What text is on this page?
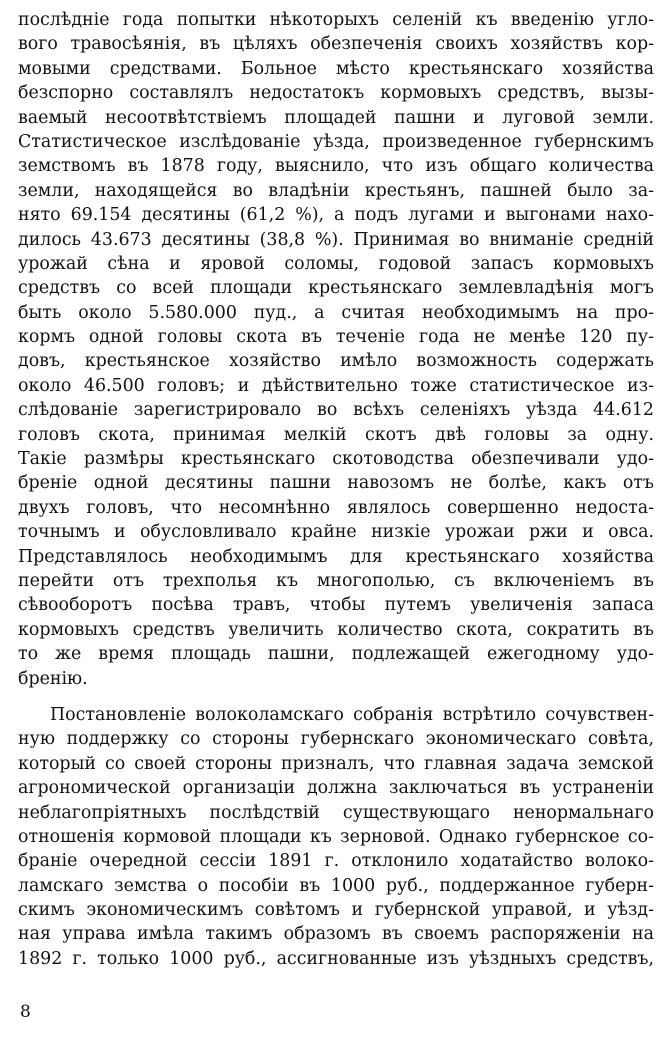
послѣдніе года попытки нѣкоторыхъ селеній къ введенію угло-
вого травосѣянія, въ цѣляхъ обезпеченія своихъ хозяйствъ кор-
мовыми средствами. Больное мѣсто крестьянскаго хозяйства
безспорно составлялъ недостатокъ кормовыхъ средствъ, вызы-
ваемый несоотвѣтствіемъ площадей пашни и луговой земли.
Статистическое изслѣдованіе уѣзда, произведенное губернскимъ
земствомъ въ 1878 году, выяснило, что изъ общаго количества
земли, находящейся во владѣніи крестьянъ, пашней было за-
нято 69.154 десятины (61,2 %), а подъ лугами и выгонами нахо-
дилось 43.673 десятины (38,8 %). Принимая во вниманіе средній
урожай сѣна и яровой соломы, годовой запасъ кормовыхъ
средствъ со всей площади крестьянскаго землевладѣнія могъ
быть около 5.580.000 пуд., а считая необходимымъ на про-
кормъ одной головы скота въ теченіе года не менѣе 120 пу-
довъ, крестьянское хозяйство имѣло возможность содержать
около 46.500 головъ; и дѣйствительно тоже статистическое из-
слѣдованіе зарегистрировало во всѣхъ селеніяхъ уѣзда 44.612
головъ скота, принимая мелкій скотъ двѣ головы за одну.
Такіе размѣры крестьянскаго скотоводства обезпечивали удо-
бреніе одной десятины пашни навозомъ не болѣе, какъ отъ
двухъ головъ, что несомнѣнно являлось совершенно недоста-
точнымъ и обусловливало крайне низкіе урожаи ржи и овса.
Представлялось необходимымъ для крестьянскаго хозяйства
перейти отъ трехполья къ многополью, съ включеніемъ въ
сѣвооборотъ посѣва травъ, чтобы путемъ увеличенія запаса
кормовыхъ средствъ увеличить количество скота, сократить въ
то же время площадь пашни, подлежащей ежегодному удо-
бренію.
Постановленіе волоколамскаго собранія встрѣтило сочувствен-
ную поддержку со стороны губернскаго экономическаго совѣта,
который со своей стороны призналъ, что главная задача земской
агрономической организаціи должна заключаться въ устраненіи
неблагопріятныхъ послѣдствій существующаго ненормальнаго
отношенія кормовой площади къ зерновой. Однако губернское со-
браніе очередной сессіи 1891 г. отклонило ходатайство волоко-
ламскаго земства о пособіи въ 1000 руб., поддержанное губерн-
скимъ экономическимъ совѣтомъ и губернской управой, и уѣзд-
ная управа имѣла такимъ образомъ въ своемъ распоряженіи на
1892 г. только 1000 руб., ассигнованные изъ уѣздныхъ средствъ,
8
